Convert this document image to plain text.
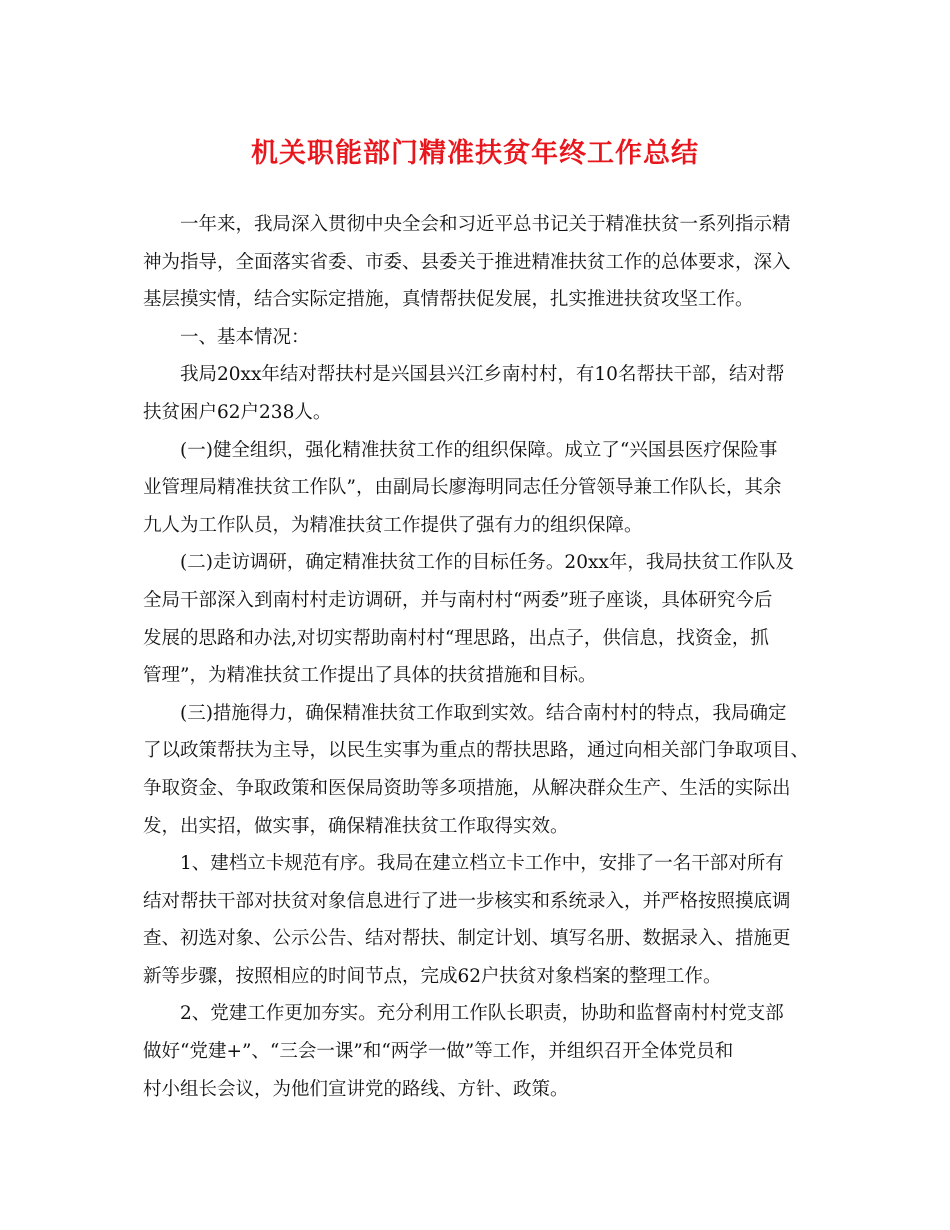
机关职能部门精准扶贫年终工作总结
一年来，我局深入贯彻中央全会和习近平总书记关于精准扶贫一系列指示精
神为指导，全面落实省委、市委、县委关于推进精准扶贫工作的总体要求，深入
基层摸实情，结合实际定措施，真情帮扶促发展，扎实推进扶贫攻坚工作。
一、基本情况：
我局20xx年结对帮扶村是兴国县兴江乡南村村，有10名帮扶干部，结对帮
扶贫困户62户238人。
(一)健全组织，强化精准扶贫工作的组织保障。成立了“兴国县医疗保险事
业管理局精准扶贫工作队”，由副局长廖海明同志任分管领导兼工作队长，其余
九人为工作队员，为精准扶贫工作提供了强有力的组织保障。
(二)走访调研，确定精准扶贫工作的目标任务。20xx年，我局扶贫工作队及
全局干部深入到南村村走访调研，并与南村村“两委”班子座谈，具体研究今后
发展的思路和办法,对切实帮助南村村“理思路，出点子，供信息，找资金，抓
管理”，为精准扶贫工作提出了具体的扶贫措施和目标。
(三)措施得力，确保精准扶贫工作取到实效。结合南村村的特点，我局确定
了以政策帮扶为主导，以民生实事为重点的帮扶思路，通过向相关部门争取项目、
争取资金、争取政策和医保局资助等多项措施，从解决群众生产、生活的实际出
发，出实招，做实事，确保精准扶贫工作取得实效。
1、建档立卡规范有序。我局在建立档立卡工作中，安排了一名干部对所有
结对帮扶干部对扶贫对象信息进行了进一步核实和系统录入，并严格按照摸底调
查、初选对象、公示公告、结对帮扶、制定计划、填写名册、数据录入、措施更
新等步骤，按照相应的时间节点，完成62户扶贫对象档案的整理工作。
2、党建工作更加夯实。充分利用工作队长职责，协助和监督南村村党支部
做好“党建+”、“三会一课”和“两学一做”等工作，并组织召开全体党员和
村小组长会议，为他们宣讲党的路线、方针、政策。
